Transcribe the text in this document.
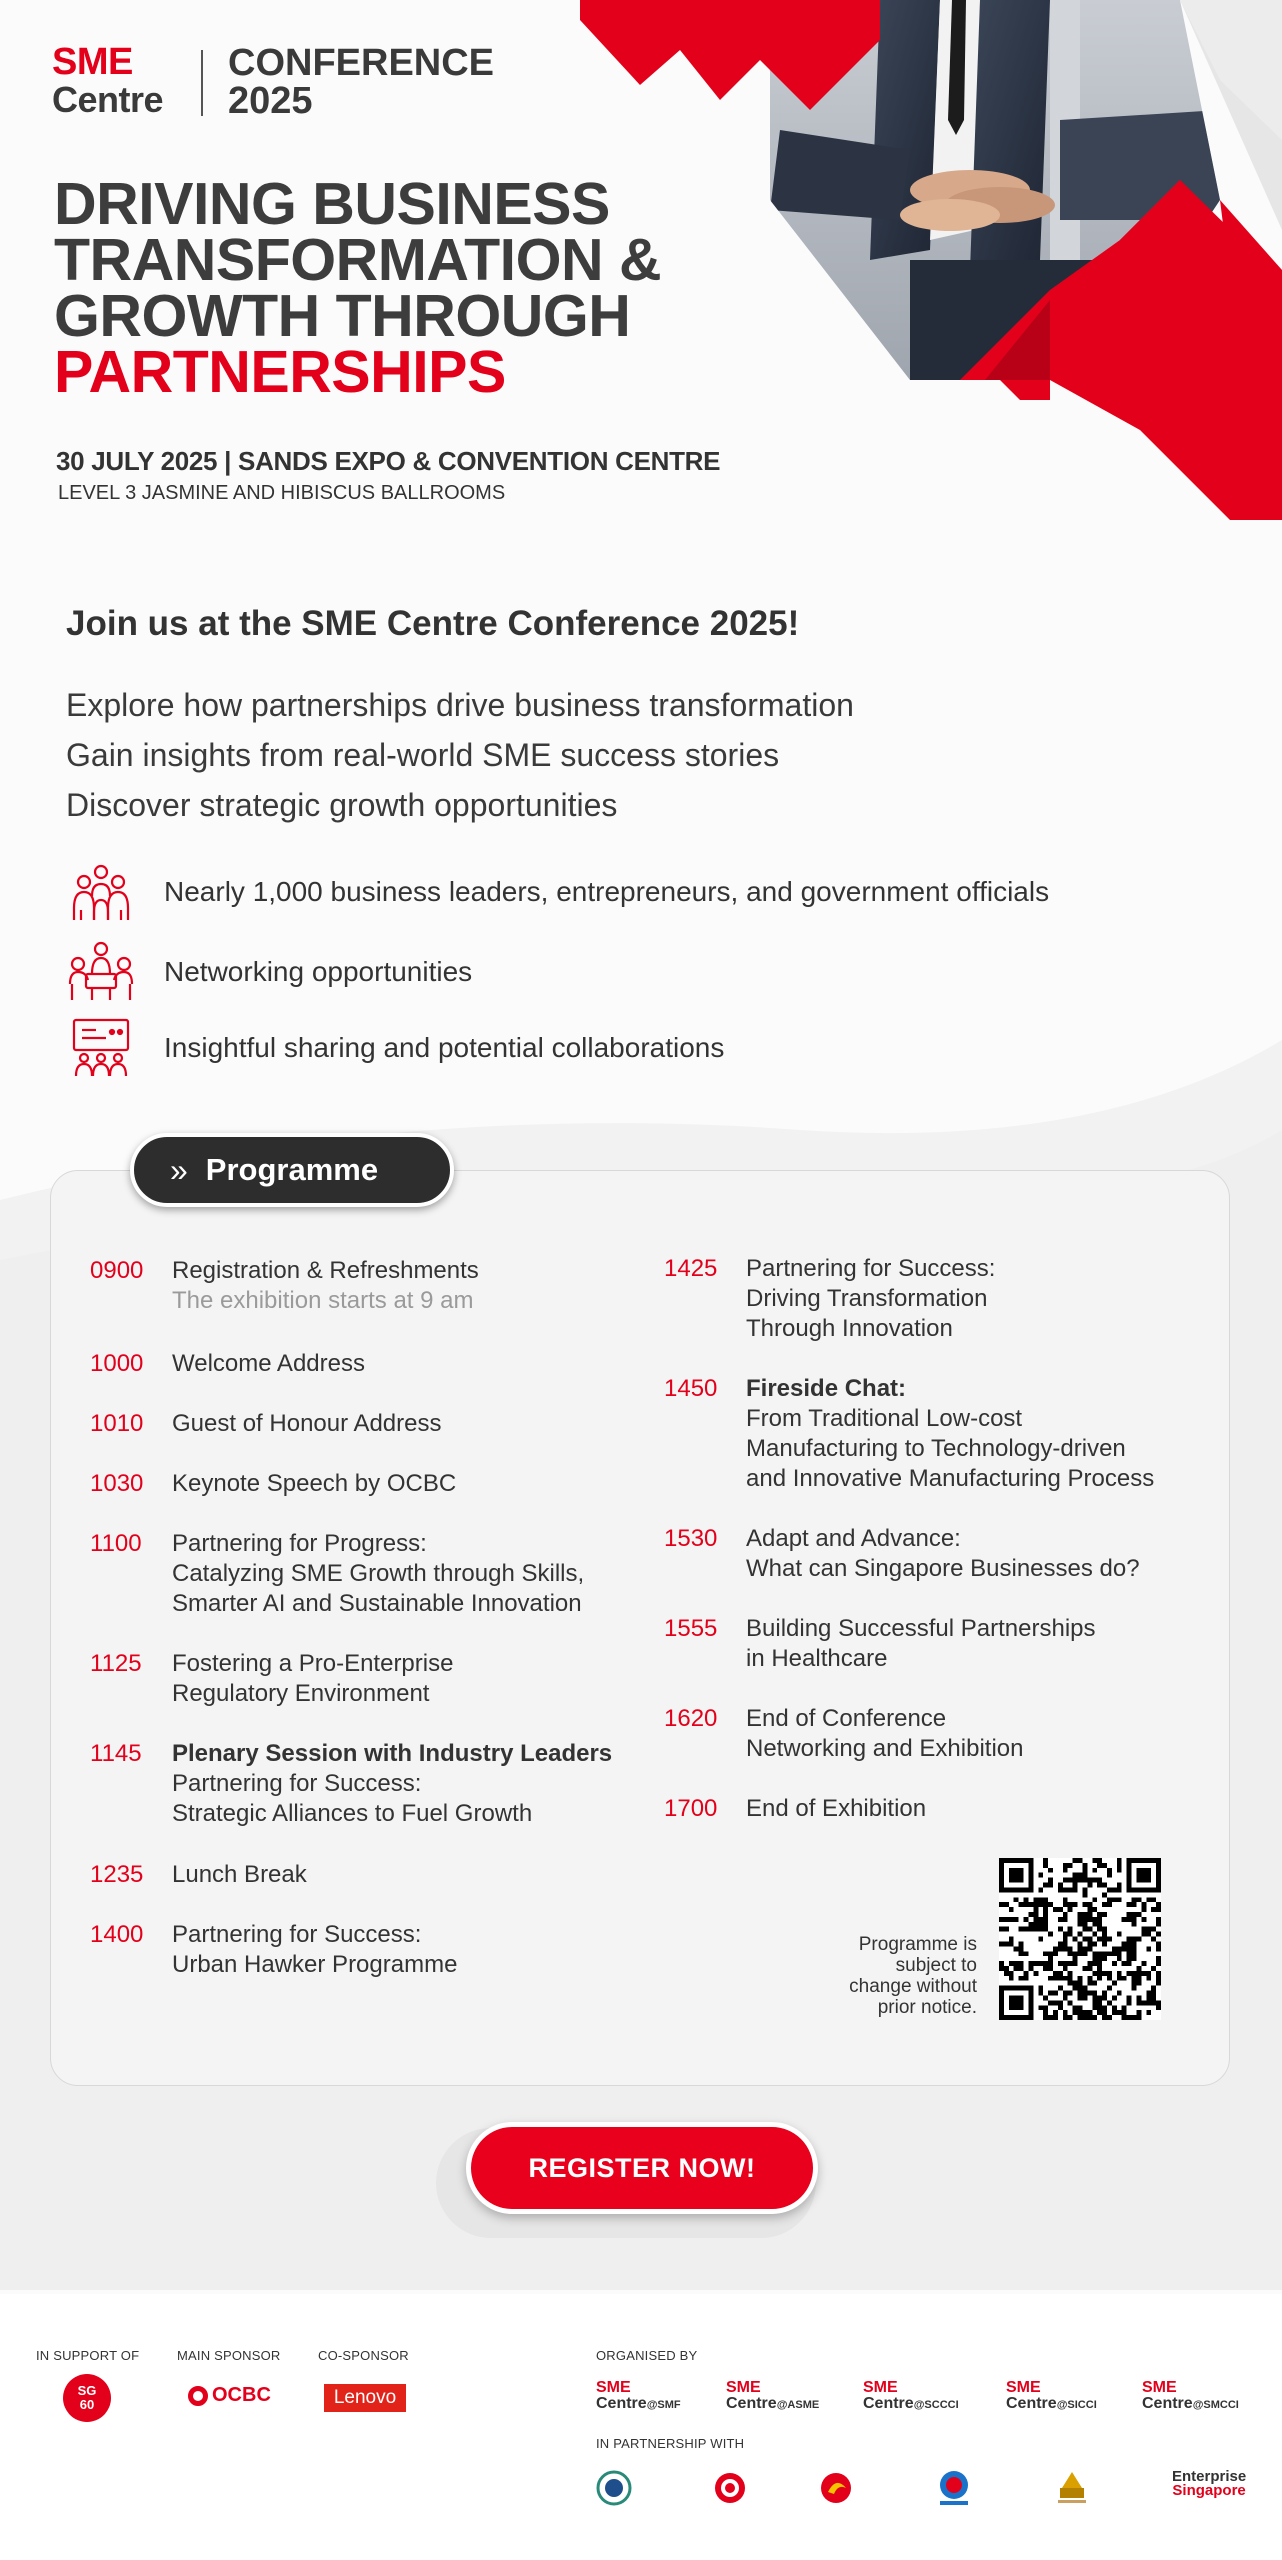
SME
Centre
CONFERENCE
2025
DRIVING BUSINESS
TRANSFORMATION &
GROWTH THROUGH
PARTNERSHIPS
30 JULY 2025 | SANDS EXPO & CONVENTION CENTRE
LEVEL 3 JASMINE AND HIBISCUS BALLROOMS
Join us at the SME Centre Conference 2025!
Explore how partnerships drive business transformation
Gain insights from real-world SME success stories
Discover strategic growth opportunities
Nearly 1,000 business leaders, entrepreneurs, and government officials
Networking opportunities
Insightful sharing and potential collaborations
» Programme
0900	Registration & Refreshments
The exhibition starts at 9 am
1000	Welcome Address
1010	Guest of Honour Address
1030	Keynote Speech by OCBC
1100	Partnering for Progress:
Catalyzing SME Growth through Skills,
Smarter AI and Sustainable Innovation
1125	Fostering a Pro-Enterprise
Regulatory Environment
1145	Plenary Session with Industry Leaders
Partnering for Success:
Strategic Alliances to Fuel Growth
1235	Lunch Break
1400	Partnering for Success:
Urban Hawker Programme
1425	Partnering for Success:
Driving Transformation
Through Innovation
1450	Fireside Chat:
From Traditional Low-cost
Manufacturing to Technology-driven
and Innovative Manufacturing Process
1530	Adapt and Advance:
What can Singapore Businesses do?
1555	Building Successful Partnerships
in Healthcare
1620	End of Conference
Networking and Exhibition
1700	End of Exhibition
Programme is
subject to
change without
prior notice.
REGISTER NOW!
IN SUPPORT OF	MAIN SPONSOR	CO-SPONSOR	ORGANISED BY
IN PARTNERSHIP WITH
SG
60	OCBC	Lenovo	SME
Centre@SMF
SME
Centre@ASME
SME
Centre@SCCCI
SME
Centre@SICCI
SME
Centre@SMCCI
Enterprise
Singapore
